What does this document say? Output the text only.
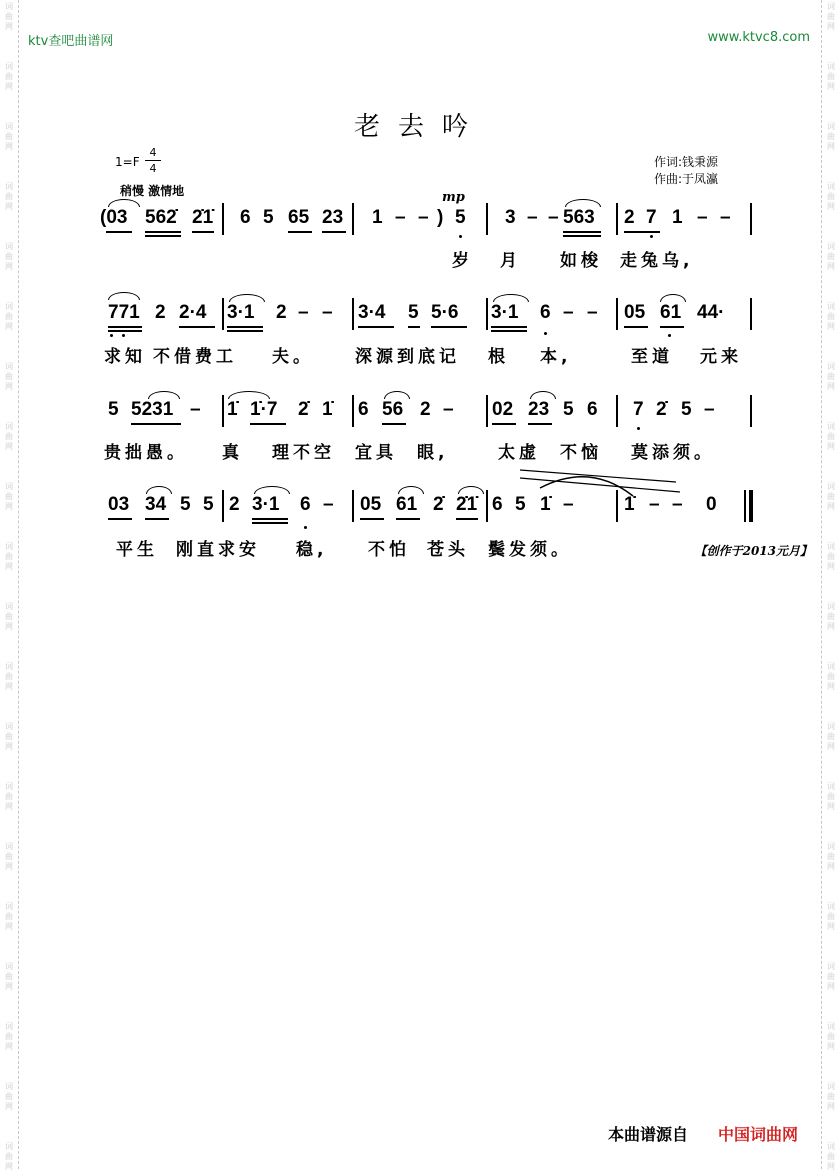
词
曲
网
词
曲
网
词
曲
网
词
曲
网
词
曲
网
词
曲
网
词
曲
网
词
曲
网
词
曲
网
词
曲
网
词
曲
网
词
曲
网
词
曲
网
词
曲
网
词
曲
网
词
曲
网
词
曲
网
词
曲
网
词
曲
网
词
曲
网
词
曲
网
词
曲
网
词
曲
网
词
曲
网
词
曲
网
词
曲
网
词
曲
网
词
曲
网
词
曲
网
词
曲
网
词
曲
网
词
曲
网
词
曲
网
词
曲
网
词
曲
网
词
曲
网
词
曲
网
词
曲
网
词
曲
网
词
曲
网
ktv查吧曲谱网	www.ktvc8.com
老去吟
1=F
4
4
稍慢 激情地
作词:钱秉源
作曲:于凤瀛
mp
(03 562̇ 2̇1̇ 6 5 65 23 1 – – ) 5 3 – – 563 2 7 1 – –
岁 月 如梭 走兔乌,
771 2 2·4 3·1 2 – – 3·4 5 5·6 3·1 6 – – 05 61 44·
求知 不借费工 夫。 深源到底记 根 本,	至道 元来
5 5231 – 1̇ 1̇·7 2̇ 1̇ 6 56 2 – 02 23 5 6 7 2̇ 5 –
贵拙愚。 真 理不空 宜具 眼,	太虚 不恼 莫添须。
03 34 5 5 2 3·1 6 – 05 61 2̇ 2̇1̇ 6 5 1̇ –	1̇ – – 0
平生 刚直求安 稳, 不怕 苍头 鬓发须。	【创作于2013元月】
本曲谱源自 中国词曲网
